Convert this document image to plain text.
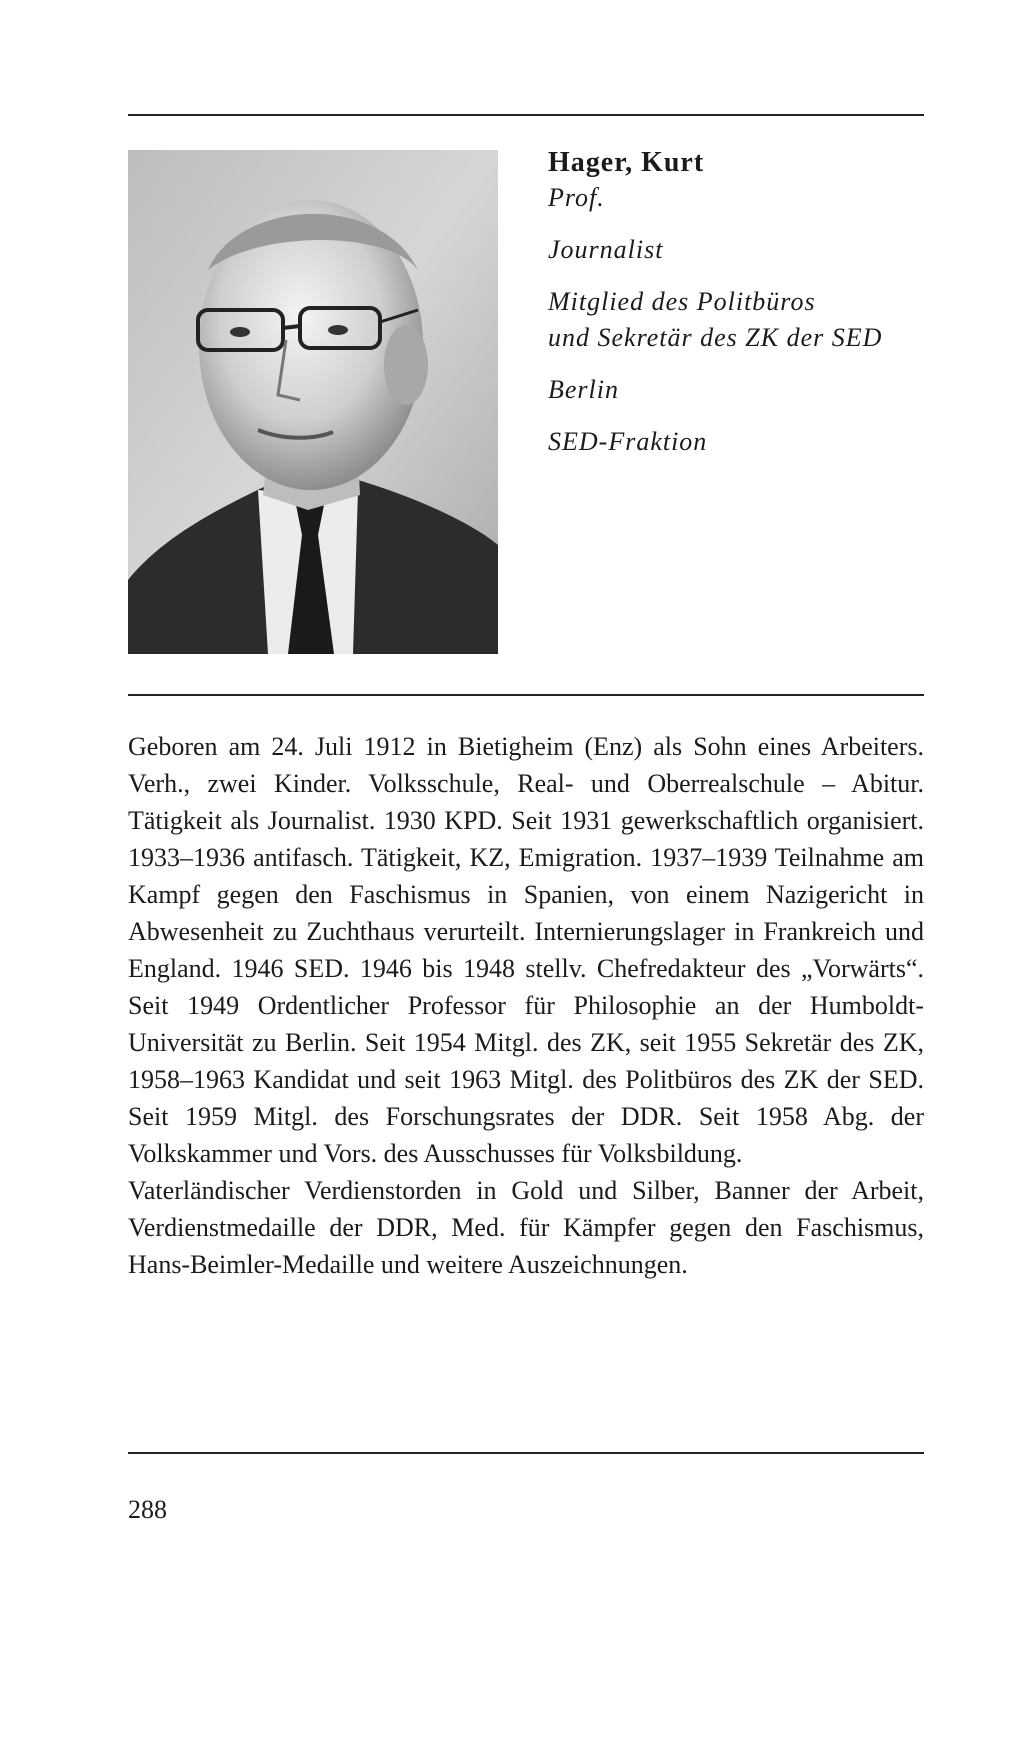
Hager, Kurt
Prof.
Journalist
Mitglied des Politbüros
und Sekretär des ZK der SED
Berlin
SED-Fraktion

Geboren am 24. Juli 1912 in Bietigheim (Enz) als Sohn eines Arbeiters. Verh., zwei Kinder. Volksschule, Real- und Oberrealschule – Abitur. Tätigkeit als Journalist. 1930 KPD. Seit 1931 gewerkschaftlich organisiert. 1933–1936 antifasch. Tätigkeit, KZ, Emigration. 1937–1939 Teilnahme am Kampf gegen den Faschismus in Spanien, von einem Nazigericht in Abwesenheit zu Zuchthaus verurteilt. Internierungslager in Frankreich und England. 1946 SED. 1946 bis 1948 stellv. Chefredakteur des „Vorwärts“. Seit 1949 Ordentlicher Professor für Philosophie an der Humboldt-Universität zu Berlin. Seit 1954 Mitgl. des ZK, seit 1955 Sekretär des ZK, 1958–1963 Kandidat und seit 1963 Mitgl. des Politbüros des ZK der SED. Seit 1959 Mitgl. des Forschungsrates der DDR. Seit 1958 Abg. der Volkskammer und Vors. des Ausschusses für Volksbildung.

Vaterländischer Verdienstorden in Gold und Silber, Banner der Arbeit, Verdienstmedaille der DDR, Med. für Kämpfer gegen den Faschismus, Hans-Beimler-Medaille und weitere Auszeichnungen.

288
